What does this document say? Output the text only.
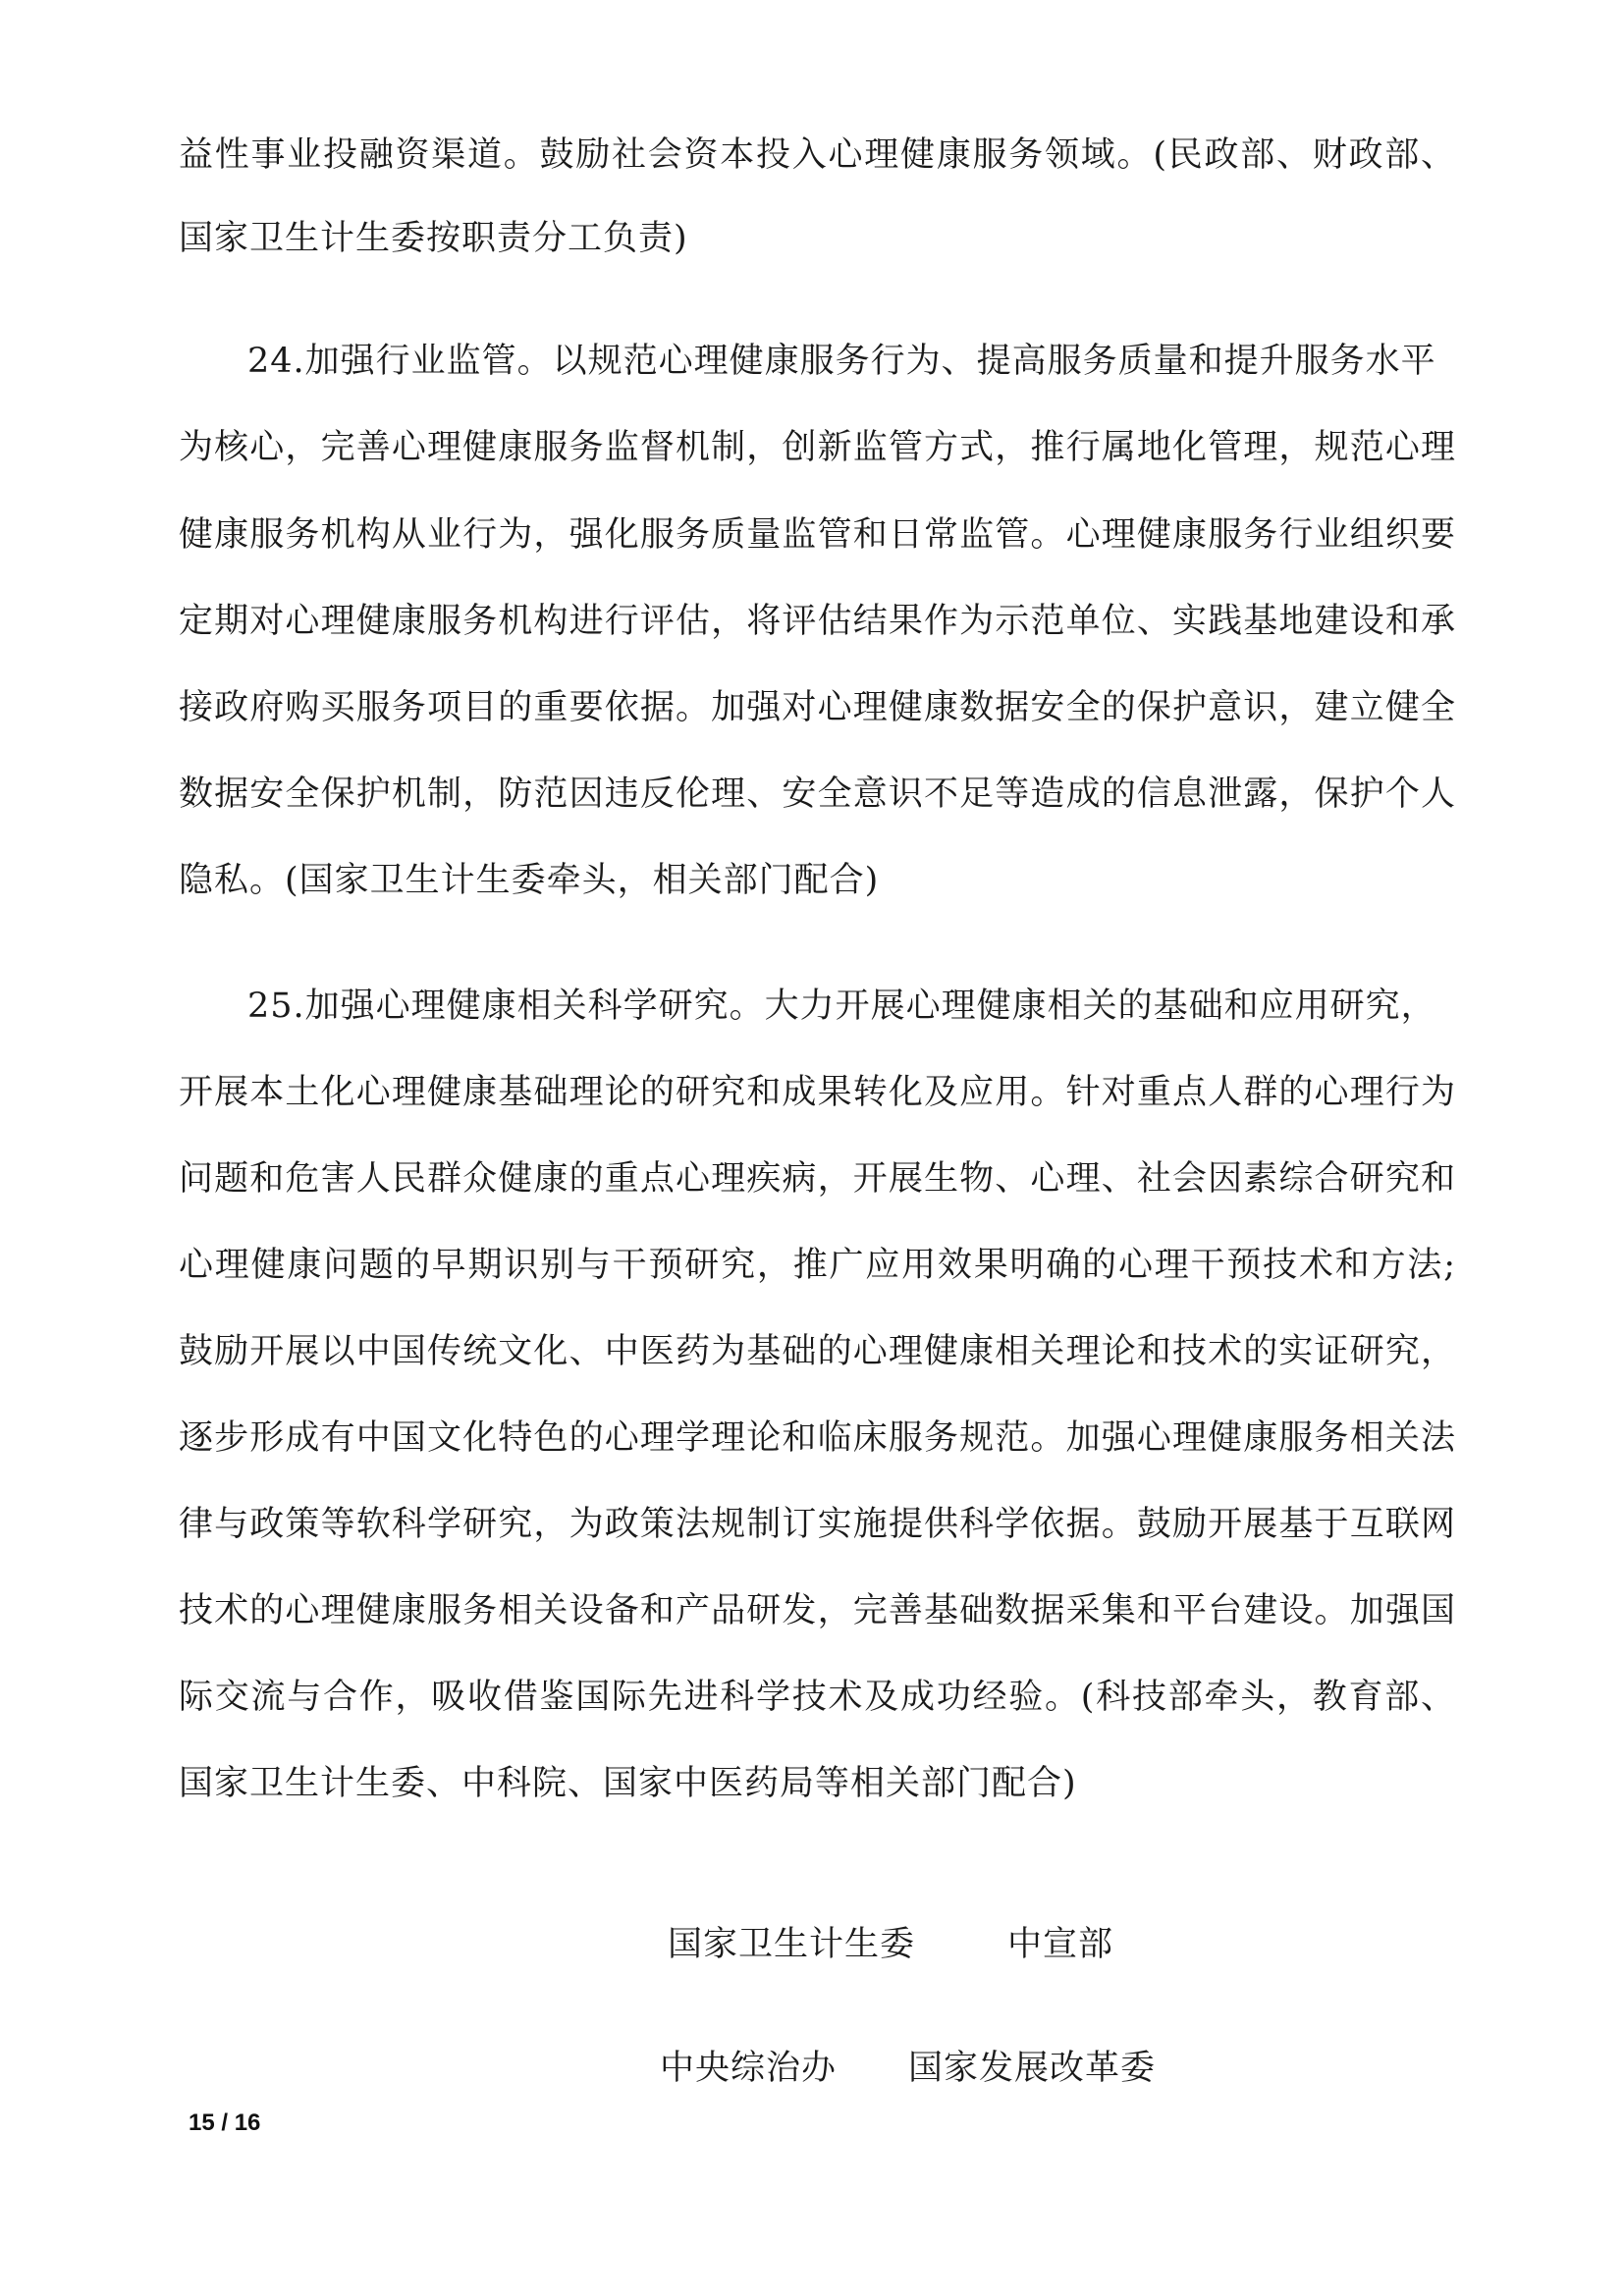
益性事业投融资渠道。鼓励社会资本投入心理健康服务领域。(民政部、财政部、
国家卫生计生委按职责分工负责)
24.加强行业监管。以规范心理健康服务行为、提高服务质量和提升服务水平
为核心，完善心理健康服务监督机制，创新监管方式，推行属地化管理，规范心理
健康服务机构从业行为，强化服务质量监管和日常监管。心理健康服务行业组织要
定期对心理健康服务机构进行评估，将评估结果作为示范单位、实践基地建设和承
接政府购买服务项目的重要依据。加强对心理健康数据安全的保护意识，建立健全
数据安全保护机制，防范因违反伦理、安全意识不足等造成的信息泄露，保护个人
隐私。(国家卫生计生委牵头，相关部门配合)
25.加强心理健康相关科学研究。大力开展心理健康相关的基础和应用研究，
开展本土化心理健康基础理论的研究和成果转化及应用。针对重点人群的心理行为
问题和危害人民群众健康的重点心理疾病，开展生物、心理、社会因素综合研究和
心理健康问题的早期识别与干预研究，推广应用效果明确的心理干预技术和方法;
鼓励开展以中国传统文化、中医药为基础的心理健康相关理论和技术的实证研究，
逐步形成有中国文化特色的心理学理论和临床服务规范。加强心理健康服务相关法
律与政策等软科学研究，为政策法规制订实施提供科学依据。鼓励开展基于互联网
技术的心理健康服务相关设备和产品研发，完善基础数据采集和平台建设。加强国
际交流与合作，吸收借鉴国际先进科学技术及成功经验。(科技部牵头，教育部、
国家卫生计生委、中科院、国家中医药局等相关部门配合)
国家卫生计生委	中宣部
中央综治办 国家发展改革委
15 / 16
